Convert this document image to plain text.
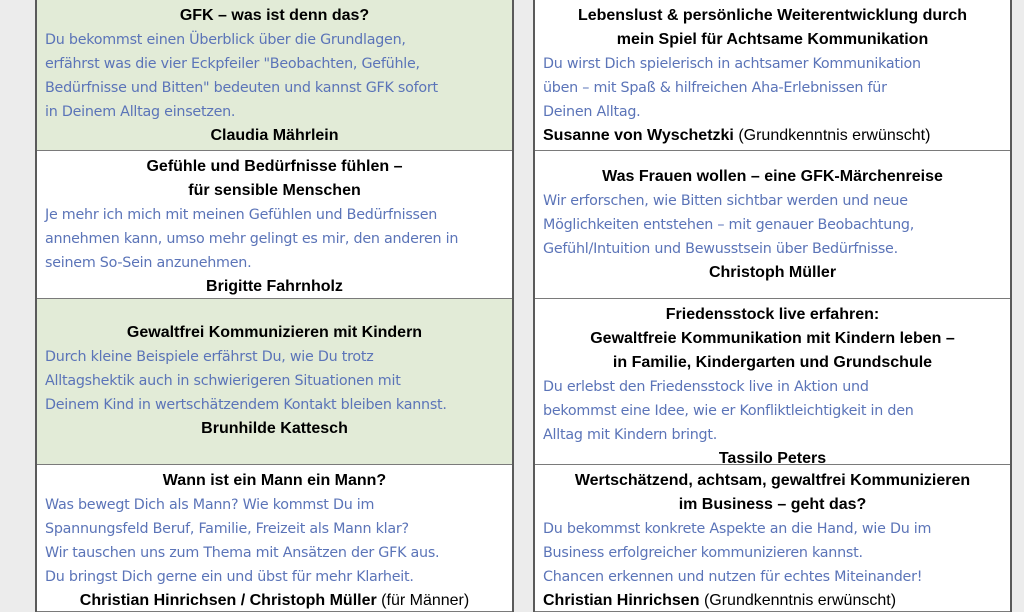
GFK – was ist denn das?
Du bekommst einen Überblick über die Grundlagen,
erfährst was die vier Eckpfeiler "Beobachten, Gefühle,
Bedürfnisse und Bitten" bedeuten und kannst GFK sofort
in Deinem Alltag einsetzen.
Claudia Mährlein
Gefühle und Bedürfnisse fühlen –
für sensible Menschen
Je mehr ich mich mit meinen Gefühlen und Bedürfnissen
annehmen kann, umso mehr gelingt es mir, den anderen in
seinem So-Sein anzunehmen.
Brigitte Fahrnholz
Gewaltfrei Kommunizieren mit Kindern
Durch kleine Beispiele erfährst Du, wie Du trotz
Alltagshektik auch in schwierigeren Situationen mit
Deinem Kind in wertschätzendem Kontakt bleiben kannst.
Brunhilde Kattesch
Wann ist ein Mann ein Mann?
Was bewegt Dich als Mann? Wie kommst Du im
Spannungsfeld Beruf, Familie, Freizeit als Mann klar?
Wir tauschen uns zum Thema mit Ansätzen der GFK aus.
Du bringst Dich gerne ein und übst für mehr Klarheit.
Christian Hinrichsen / Christoph Müller (für Männer)
Lebenslust & persönliche Weiterentwicklung durch
mein Spiel für Achtsame Kommunikation
Du wirst Dich spielerisch in achtsamer Kommunikation
üben – mit Spaß & hilfreichen Aha-Erlebnissen für
Deinen Alltag.
Susanne von Wyschetzki (Grundkenntnis erwünscht)
Was Frauen wollen – eine GFK-Märchenreise
Wir erforschen, wie Bitten sichtbar werden und neue
Möglichkeiten entstehen – mit genauer Beobachtung,
Gefühl/Intuition und Bewusstsein über Bedürfnisse.
Christoph Müller
Friedensstock live erfahren:
Gewaltfreie Kommunikation mit Kindern leben –
in Familie, Kindergarten und Grundschule
Du erlebst den Friedensstock live in Aktion und
bekommst eine Idee, wie er Konfliktleichtigkeit in den
Alltag mit Kindern bringt.
Tassilo Peters
Wertschätzend, achtsam, gewaltfrei Kommunizieren
im Business – geht das?
Du bekommst konkrete Aspekte an die Hand, wie Du im
Business erfolgreicher kommunizieren kannst.
Chancen erkennen und nutzen für echtes Miteinander!
Christian Hinrichsen (Grundkenntnis erwünscht)
